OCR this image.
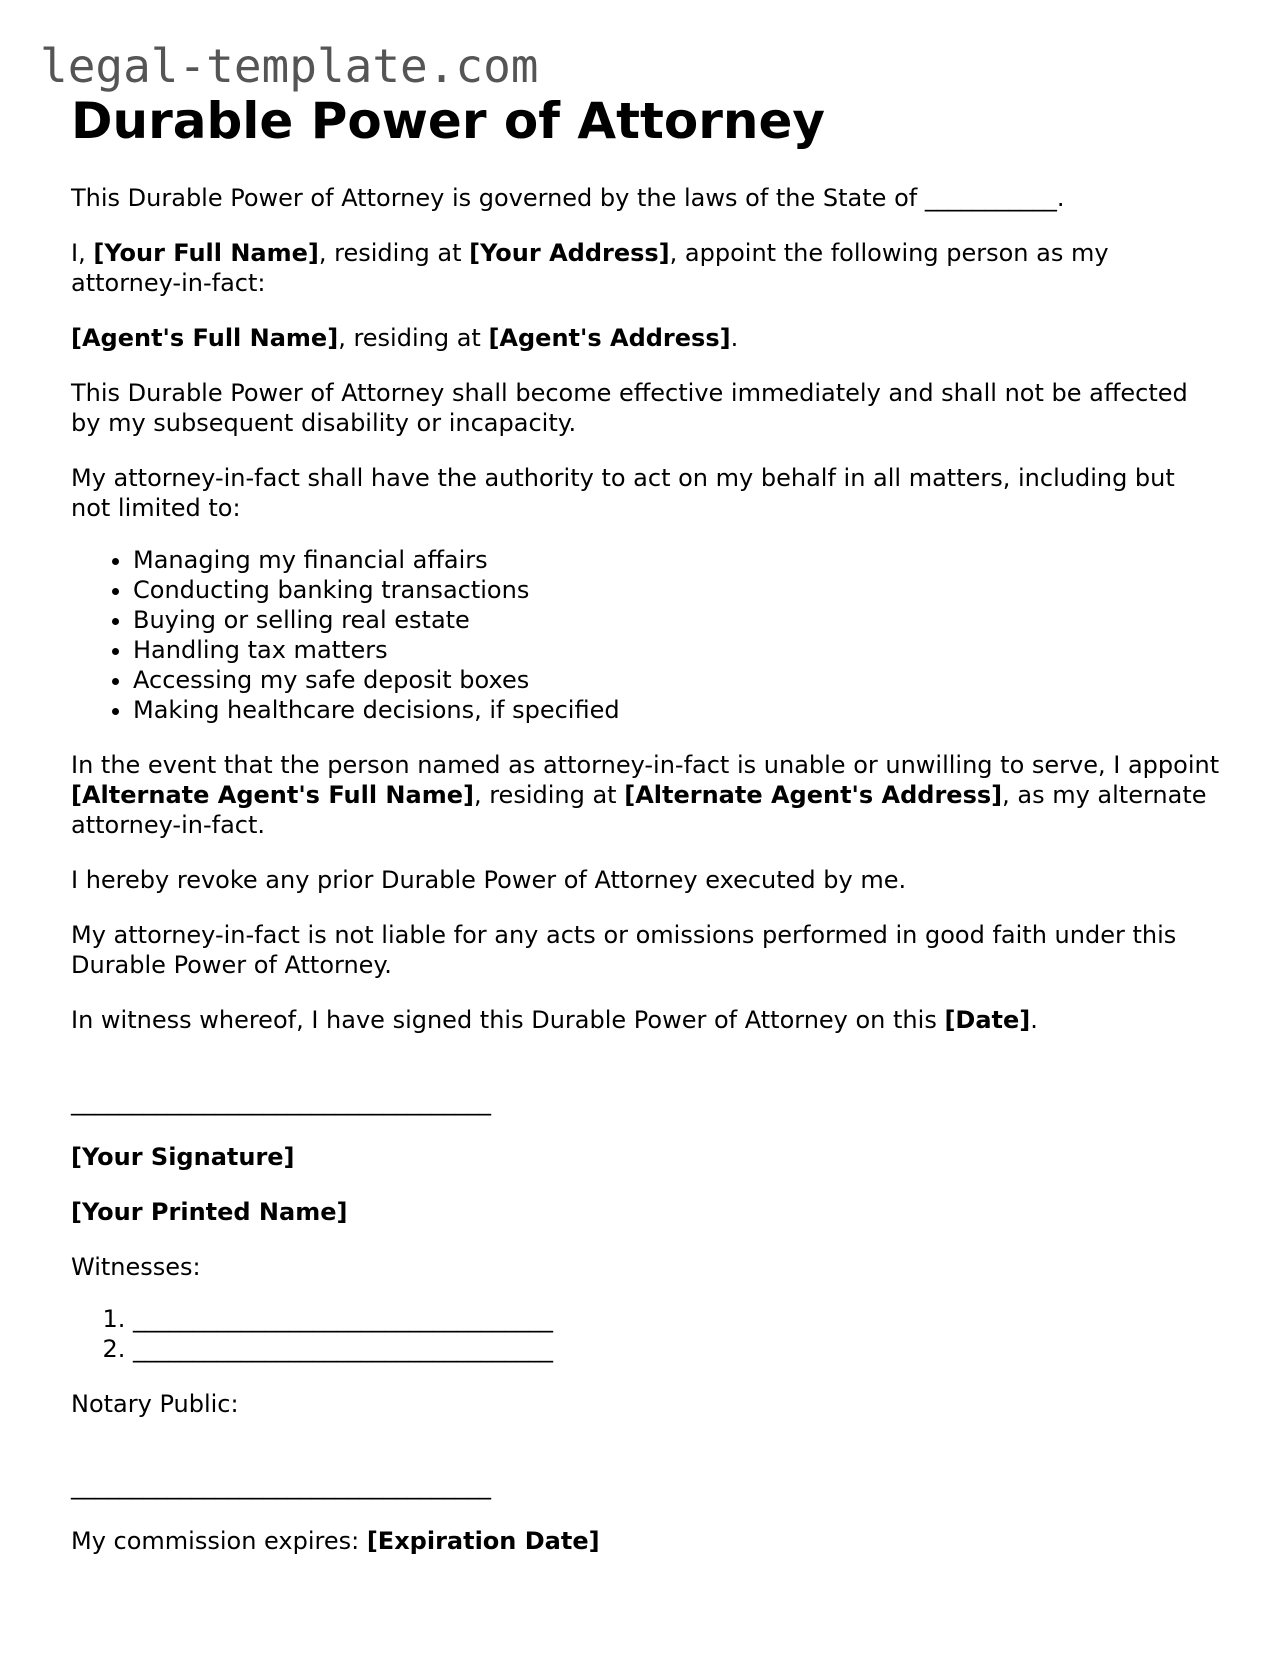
legal-template.com
Durable Power of Attorney

This Durable Power of Attorney is governed by the laws of the State of ___________.

I, [Your Full Name], residing at [Your Address], appoint the following person as my attorney-in-fact:

[Agent's Full Name], residing at [Agent's Address].

This Durable Power of Attorney shall become effective immediately and shall not be affected by my subsequent disability or incapacity.

My attorney-in-fact shall have the authority to act on my behalf in all matters, including but not limited to:

• Managing my financial affairs
• Conducting banking transactions
• Buying or selling real estate
• Handling tax matters
• Accessing my safe deposit boxes
• Making healthcare decisions, if specified

In the event that the person named as attorney-in-fact is unable or unwilling to serve, I appoint [Alternate Agent's Full Name], residing at [Alternate Agent's Address], as my alternate attorney-in-fact.

I hereby revoke any prior Durable Power of Attorney executed by me.

My attorney-in-fact is not liable for any acts or omissions performed in good faith under this Durable Power of Attorney.

In witness whereof, I have signed this Durable Power of Attorney on this [Date].

___________________________________

[Your Signature]

[Your Printed Name]

Witnesses:

1. ___________________________________
2. ___________________________________

Notary Public:

___________________________________

My commission expires: [Expiration Date]
